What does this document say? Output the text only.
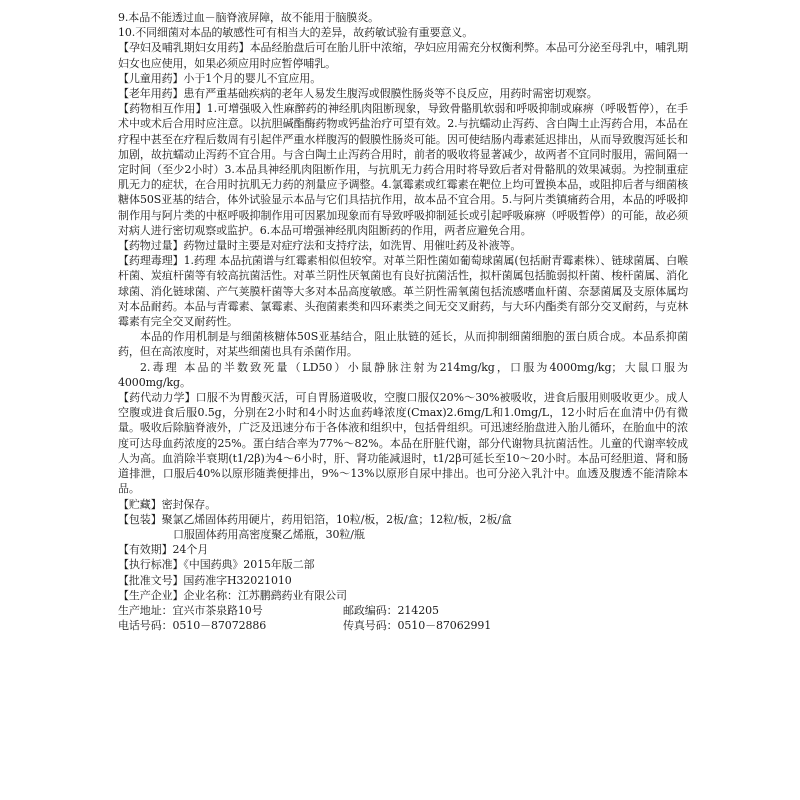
9.本品不能透过血－脑脊液屏障，故不能用于脑膜炎。

10.不同细菌对本品的敏感性可有相当大的差异，故药敏试验有重要意义。

【孕妇及哺乳期妇女用药】本品经胎盘后可在胎儿肝中浓缩，孕妇应用需充分权衡利弊。本品可分泌至母乳中，哺乳期妇女也应使用，如果必须应用时应暂停哺乳。

【儿童用药】小于1个月的婴儿不宜应用。

【老年用药】患有严重基础疾病的老年人易发生腹泻或假膜性肠炎等不良反应，用药时需密切观察。

【药物相互作用】1.可增强吸入性麻醉药的神经肌肉阻断现象，导致骨骼肌软弱和呼吸抑制或麻痹（呼吸暂停），在手术中或术后合用时应注意。以抗胆碱酯酶药物或钙盐治疗可望有效。2.与抗蠕动止泻药、含白陶土止泻药合用，本品在疗程中甚至在疗程后数周有引起伴严重水样腹泻的假膜性肠炎可能。因可使结肠内毒素延迟排出，从而导致腹泻延长和加剧，故抗蠕动止泻药不宜合用。与含白陶土止泻药合用时，前者的吸收将显著减少，故两者不宜同时服用，需间隔一定时间（至少2小时）3.本品具神经肌肉阻断作用，与抗肌无力药合用时将导致后者对骨骼肌的效果减弱。为控制重症肌无力的症状，在合用时抗肌无力药的剂量应予调整。4.氯霉素或红霉素在靶位上均可置换本品，或阻抑后者与细菌核糖体50S亚基的结合，体外试验显示本品与它们具拮抗作用，故本品不宜合用。5.与阿片类镇痛药合用，本品的呼吸抑制作用与阿片类的中枢呼吸抑制作用可因累加现象而有导致呼吸抑制延长或引起呼吸麻痹（呼吸暂停）的可能，故必须对病人进行密切观察或监护。6.本品可增强神经肌肉阻断药的作用，两者应避免合用。

【药物过量】药物过量时主要是对症疗法和支持疗法，如洗胃、用催吐药及补液等。

【药理毒理】1.药理 本品抗菌谱与红霉素相似但较窄。对革兰阳性菌如葡萄球菌属(包括耐青霉素株）、链球菌属、白喉杆菌、炭疽杆菌等有较高抗菌活性。对革兰阴性厌氧菌也有良好抗菌活性，拟杆菌属包括脆弱拟杆菌、梭杆菌属、消化球菌、消化链球菌、产气荚膜杆菌等大多对本品高度敏感。革兰阴性需氧菌包括流感嗜血杆菌、奈瑟菌属及支原体属均对本品耐药。本品与青霉素、氯霉素、头孢菌素类和四环素类之间无交叉耐药，与大环内酯类有部分交叉耐药，与克林霉素有完全交叉耐药性。

本品的作用机制是与细菌核糖体50S亚基结合，阻止肽链的延长，从而抑制细菌细胞的蛋白质合成。本品系抑菌药，但在高浓度时，对某些细菌也具有杀菌作用。

2.毒理 本品的半数致死量（LD50）小鼠静脉注射为214mg/kg，口服为4000mg/kg；大鼠口服为4000mg/kg。

【药代动力学】口服不为胃酸灭活，可自胃肠道吸收，空腹口服仅20%～30%被吸收，进食后服用则吸收更少。成人空腹或进食后服0.5g，分别在2小时和4小时达血药峰浓度(Cmax)2.6mg/L和1.0mg/L，12小时后在血清中仍有微量。吸收后除脑脊液外，广泛及迅速分布于各体液和组织中，包括骨组织。可迅速经胎盘进入胎儿循环，在胎血中的浓度可达母血药浓度的25%。蛋白结合率为77%～82%。本品在肝脏代谢，部分代谢物具抗菌活性。儿童的代谢率较成人为高。血消除半衰期(t1/2β)为4～6小时，肝、肾功能减退时，t1/2β可延长至10～20小时。本品可经胆道、肾和肠道排泄，口服后40%以原形随粪便排出，9%～13%以原形自尿中排出。也可分泌入乳汁中。血透及腹透不能清除本品。

【贮藏】密封保存。

【包装】聚氯乙烯固体药用硬片，药用铝箔，10粒/板，2板/盒；12粒/板，2板/盒

口服固体药用高密度聚乙烯瓶，30粒/瓶

【有效期】24个月

【执行标准】《中国药典》2015年版二部

【批准文号】国药准字H32021010

【生产企业】企业名称：江苏鹏鹞药业有限公司

生产地址：宜兴市茶泉路10号	邮政编码：214205
电话号码：0510－87072886	传真号码：0510－87062991
